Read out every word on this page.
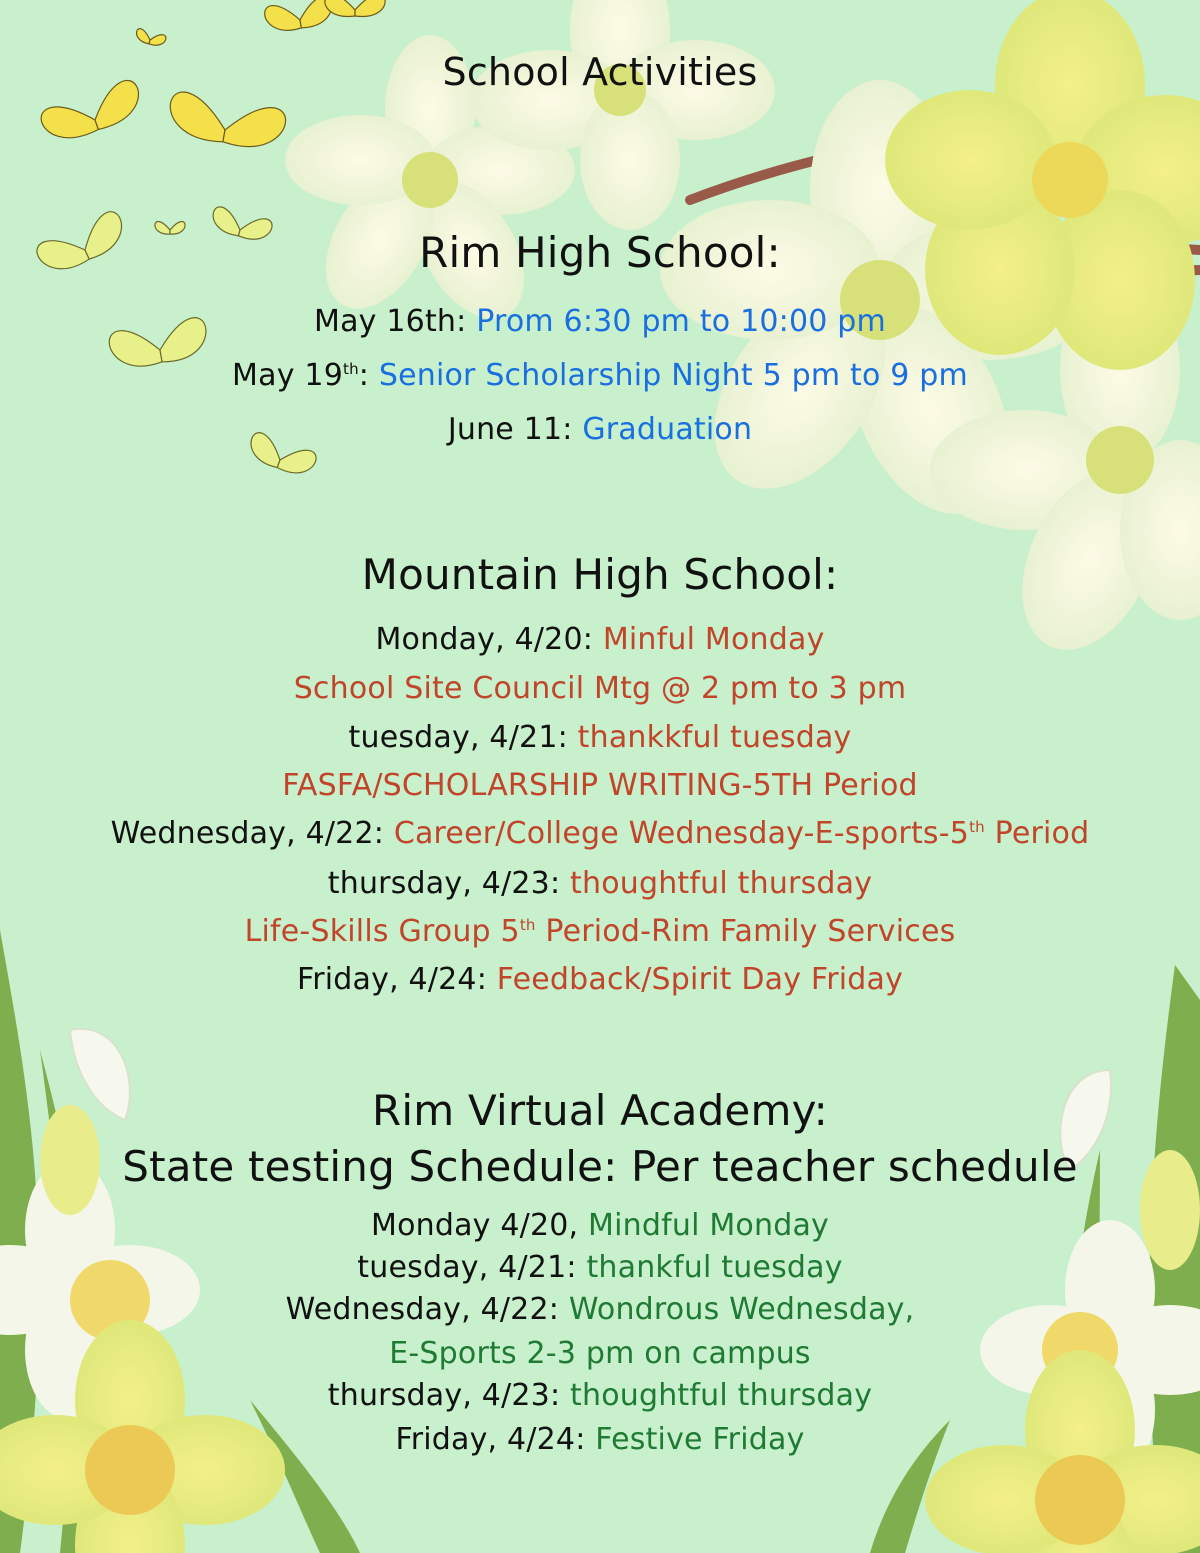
School Activities
Rim High School:
May 16th: Prom 6:30 pm to 10:00 pm
May 19th: Senior Scholarship Night 5 pm to 9 pm
June 11: Graduation
Mountain High School:
Monday, 4/20: Minful Monday
School Site Council Mtg @ 2 pm to 3 pm
tuesday, 4/21: thankkful tuesday
FASFA/SCHOLARSHIP WRITING-5TH Period
Wednesday, 4/22: Career/College Wednesday-E-sports-5th Period
thursday, 4/23: thoughtful thursday
Life-Skills Group 5th Period-Rim Family Services
Friday, 4/24: Feedback/Spirit Day Friday
Rim Virtual Academy:
State testing Schedule: Per teacher schedule
Monday 4/20, Mindful Monday
tuesday, 4/21: thankful tuesday
Wednesday, 4/22: Wondrous Wednesday,
E-Sports 2-3 pm on campus
thursday, 4/23: thoughtful thursday
Friday, 4/24: Festive Friday
